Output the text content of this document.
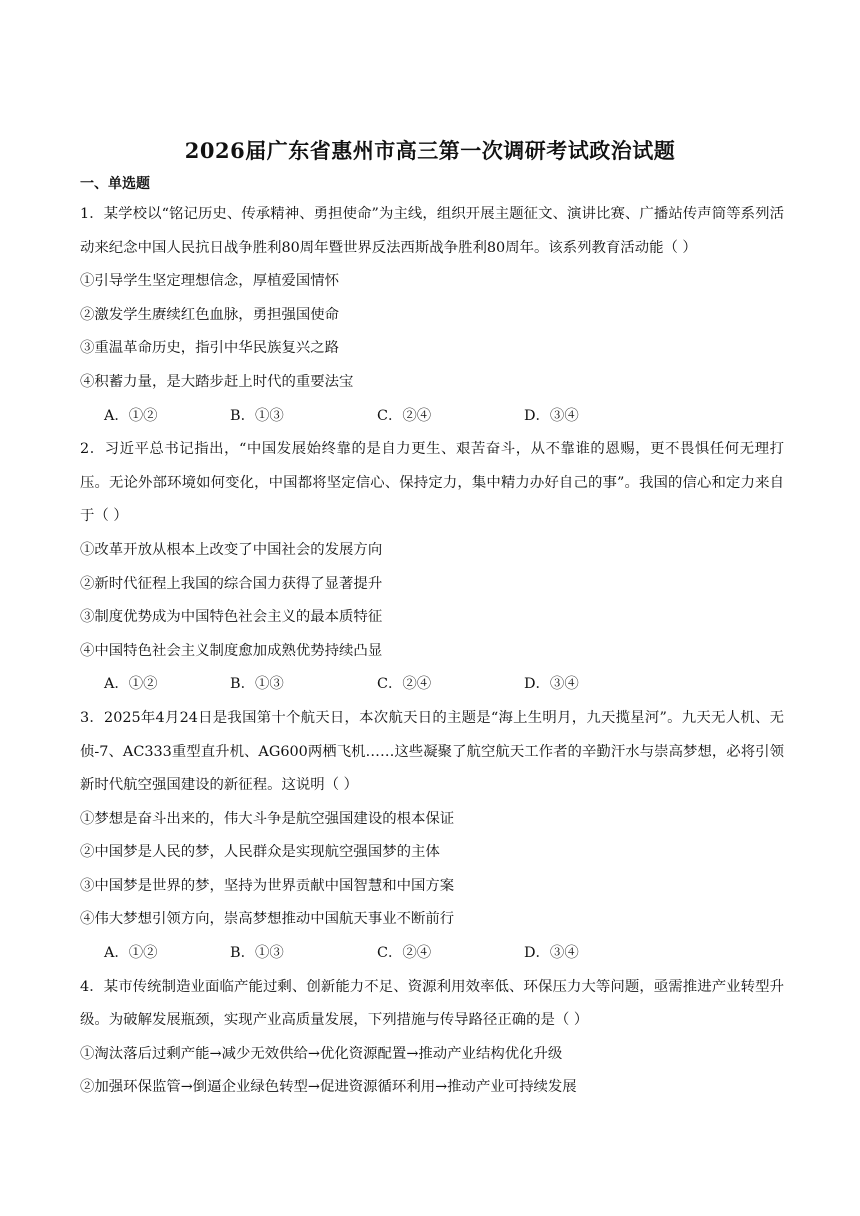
2026届广东省惠州市高三第一次调研考试政治试题
一、单选题

1．某学校以“铭记历史、传承精神、勇担使命”为主线，组织开展主题征文、演讲比赛、广播站传声筒等系列活动来纪念中国人民抗日战争胜利80周年暨世界反法西斯战争胜利80周年。该系列教育活动能（ ）

①引导学生坚定理想信念，厚植爱国情怀

②激发学生赓续红色血脉，勇担强国使命

③重温革命历史，指引中华民族复兴之路

④积蓄力量，是大踏步赶上时代的重要法宝

A．①②	B．①③	C．②④	D．③④

2．习近平总书记指出，“中国发展始终靠的是自力更生、艰苦奋斗，从不靠谁的恩赐，更不畏惧任何无理打压。无论外部环境如何变化，中国都将坚定信心、保持定力，集中精力办好自己的事”。我国的信心和定力来自于（ ）

①改革开放从根本上改变了中国社会的发展方向

②新时代征程上我国的综合国力获得了显著提升

③制度优势成为中国特色社会主义的最本质特征

④中国特色社会主义制度愈加成熟优势持续凸显

A．①②	B．①③	C．②④	D．③④

3．2025年4月24日是我国第十个航天日，本次航天日的主题是“海上生明月，九天揽星河”。九天无人机、无侦-7、AC333重型直升机、AG600两栖飞机……这些凝聚了航空航天工作者的辛勤汗水与崇高梦想，必将引领新时代航空强国建设的新征程。这说明（ ）

①梦想是奋斗出来的，伟大斗争是航空强国建设的根本保证

②中国梦是人民的梦，人民群众是实现航空强国梦的主体

③中国梦是世界的梦，坚持为世界贡献中国智慧和中国方案

④伟大梦想引领方向，崇高梦想推动中国航天事业不断前行

A．①②	B．①③	C．②④	D．③④

4．某市传统制造业面临产能过剩、创新能力不足、资源利用效率低、环保压力大等问题，亟需推进产业转型升级。为破解发展瓶颈，实现产业高质量发展，下列措施与传导路径正确的是（ ）

①淘汰落后过剩产能→减少无效供给→优化资源配置→推动产业结构优化升级

②加强环保监管→倒逼企业绿色转型→促进资源循环利用→推动产业可持续发展
